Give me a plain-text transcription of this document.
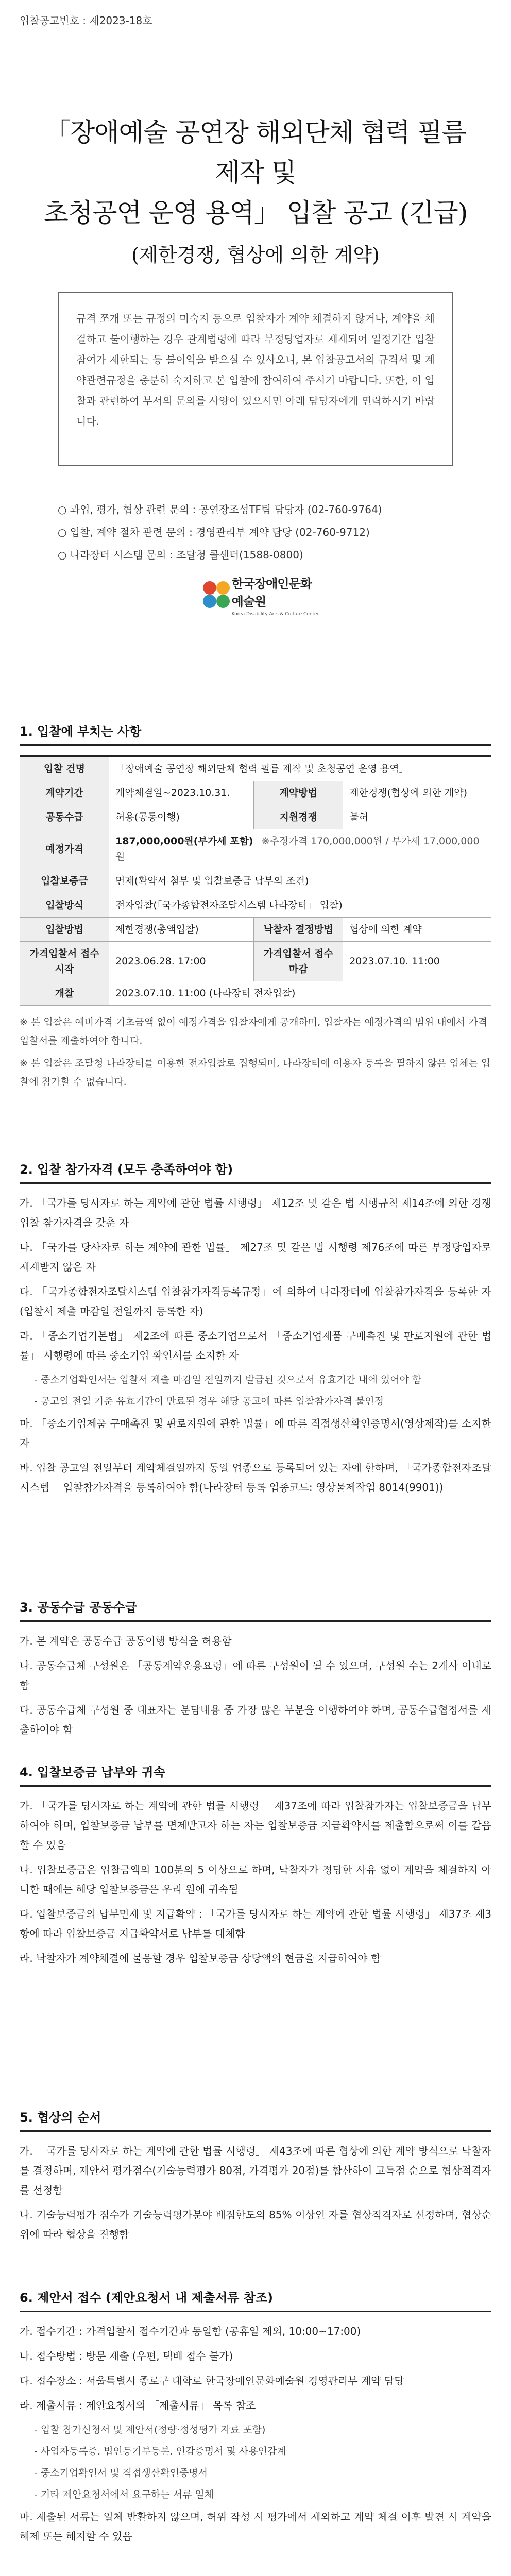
입찰공고번호 : 제2023-18호
「장애예술 공연장 해외단체 협력 필름 제작 및
초청공연 운영 용역」 입찰 공고 (긴급)
(제한경쟁, 협상에 의한 계약)
규격 쪼개 또는 규정의 미숙지 등으로 입찰자가 계약 체결하지 않거나, 계약을 체결하고 불이행하는 경우 관계법령에 따라 부정당업자로 제재되어 일정기간 입찰 참여가 제한되는 등 불이익을 받으실 수 있사오니, 본 입찰공고서의 규격서 및 계약관련규정을 충분히 숙지하고 본 입찰에 참여하여 주시기 바랍니다. 또한, 이 입찰과 관련하여 부서의 문의를 사양이 있으시면 아래 담당자에게 연락하시기 바랍니다.
○ 과업, 평가, 협상 관련 문의 : 공연장조성TF팀 담당자 (02-760-9764)
○ 입찰, 계약 절차 관련 문의 : 경영관리부 계약 담당 (02-760-9712)
○ 나라장터 시스템 문의 : 조달청 콜센터(1588-0800)
한국장애인문화예술원
Korea Disability Arts & Culture Center
1. 입찰에 부치는 사항
입찰 건명	「장애예술 공연장 해외단체 협력 필름 제작 및 초청공연 운영 용역」		
계약기간	계약체결일~2023.10.31.	계약방법	제한경쟁(협상에 의한 계약)
공동수급	허용(공동이행)	지원경쟁	불허
예정가격	187,000,000원(부가세 포함) ※추정가격 170,000,000원 / 부가세 17,000,000원		
입찰보증금	면제(확약서 첨부 및 입찰보증금 납부의 조건)		
입찰방식	전자입찰(「국가종합전자조달시스템 나라장터」 입찰)		
입찰방법	제한경쟁(총액입찰)	낙찰자 결정방법	협상에 의한 계약
가격입찰서 접수 시작	2023.06.28. 17:00	가격입찰서 접수 마감	2023.07.10. 11:00
개찰	2023.07.10. 11:00 (나라장터 전자입찰)		
※ 본 입찰은 예비가격 기초금액 없이 예정가격을 입찰자에게 공개하며, 입찰자는 예정가격의 범위 내에서 가격입찰서를 제출하여야 합니다.
※ 본 입찰은 조달청 나라장터를 이용한 전자입찰로 집행되며, 나라장터에 이용자 등록을 필하지 않은 업체는 입찰에 참가할 수 없습니다.
2. 입찰 참가자격 (모두 충족하여야 함)
가. 「국가를 당사자로 하는 계약에 관한 법률 시행령」 제12조 및 같은 법 시행규칙 제14조에 의한 경쟁입찰 참가자격을 갖춘 자
나. 「국가를 당사자로 하는 계약에 관한 법률」 제27조 및 같은 법 시행령 제76조에 따른 부정당업자로 제재받지 않은 자
다. 「국가종합전자조달시스템 입찰참가자격등록규정」에 의하여 나라장터에 입찰참가자격을 등록한 자(입찰서 제출 마감일 전일까지 등록한 자)
라. 「중소기업기본법」 제2조에 따른 중소기업으로서 「중소기업제품 구매촉진 및 판로지원에 관한 법률」 시행령에 따른 중소기업 확인서를 소지한 자
- 중소기업확인서는 입찰서 제출 마감일 전일까지 발급된 것으로서 유효기간 내에 있어야 함
- 공고일 전일 기준 유효기간이 만료된 경우 해당 공고에 따른 입찰참가자격 불인정
마. 「중소기업제품 구매촉진 및 판로지원에 관한 법률」에 따른 직접생산확인증명서(영상제작)를 소지한 자
바. 입찰 공고일 전일부터 계약체결일까지 동일 업종으로 등록되어 있는 자에 한하며, 「국가종합전자조달시스템」 입찰참가자격을 등록하여야 함(나라장터 등록 업종코드: 영상물제작업 8014(9901))
3. 공동수급 공동수급
가. 본 계약은 공동수급 공동이행 방식을 허용함
나. 공동수급체 구성원은 「공동계약운용요령」에 따른 구성원이 될 수 있으며, 구성원 수는 2개사 이내로 함
다. 공동수급체 구성원 중 대표자는 분담내용 중 가장 많은 부분을 이행하여야 하며, 공동수급협정서를 제출하여야 함
4. 입찰보증금 납부와 귀속
가. 「국가를 당사자로 하는 계약에 관한 법률 시행령」 제37조에 따라 입찰참가자는 입찰보증금을 납부하여야 하며, 입찰보증금 납부를 면제받고자 하는 자는 입찰보증금 지급확약서를 제출함으로써 이를 갈음할 수 있음
나. 입찰보증금은 입찰금액의 100분의 5 이상으로 하며, 낙찰자가 정당한 사유 없이 계약을 체결하지 아니한 때에는 해당 입찰보증금은 우리 원에 귀속됨
다. 입찰보증금의 납부면제 및 지급확약 : 「국가를 당사자로 하는 계약에 관한 법률 시행령」 제37조 제3항에 따라 입찰보증금 지급확약서로 납부를 대체함
라. 낙찰자가 계약체결에 불응할 경우 입찰보증금 상당액의 현금을 지급하여야 함
5. 협상의 순서
가. 「국가를 당사자로 하는 계약에 관한 법률 시행령」 제43조에 따른 협상에 의한 계약 방식으로 낙찰자를 결정하며, 제안서 평가점수(기술능력평가 80점, 가격평가 20점)를 합산하여 고득점 순으로 협상적격자를 선정함
나. 기술능력평가 점수가 기술능력평가분야 배점한도의 85% 이상인 자를 협상적격자로 선정하며, 협상순위에 따라 협상을 진행함
6. 제안서 접수 (제안요청서 내 제출서류 참조)
가. 접수기간 : 가격입찰서 접수기간과 동일함 (공휴일 제외, 10:00~17:00)
나. 접수방법 : 방문 제출 (우편, 택배 접수 불가)
다. 접수장소 : 서울특별시 종로구 대학로 한국장애인문화예술원 경영관리부 계약 담당
라. 제출서류 : 제안요청서의 「제출서류」 목록 참조
- 입찰 참가신청서 및 제안서(정량·정성평가 자료 포함)
- 사업자등록증, 법인등기부등본, 인감증명서 및 사용인감계
- 중소기업확인서 및 직접생산확인증명서
- 기타 제안요청서에서 요구하는 서류 일체
마. 제출된 서류는 일체 반환하지 않으며, 허위 작성 시 평가에서 제외하고 계약 체결 이후 발견 시 계약을 해제 또는 해지할 수 있음
